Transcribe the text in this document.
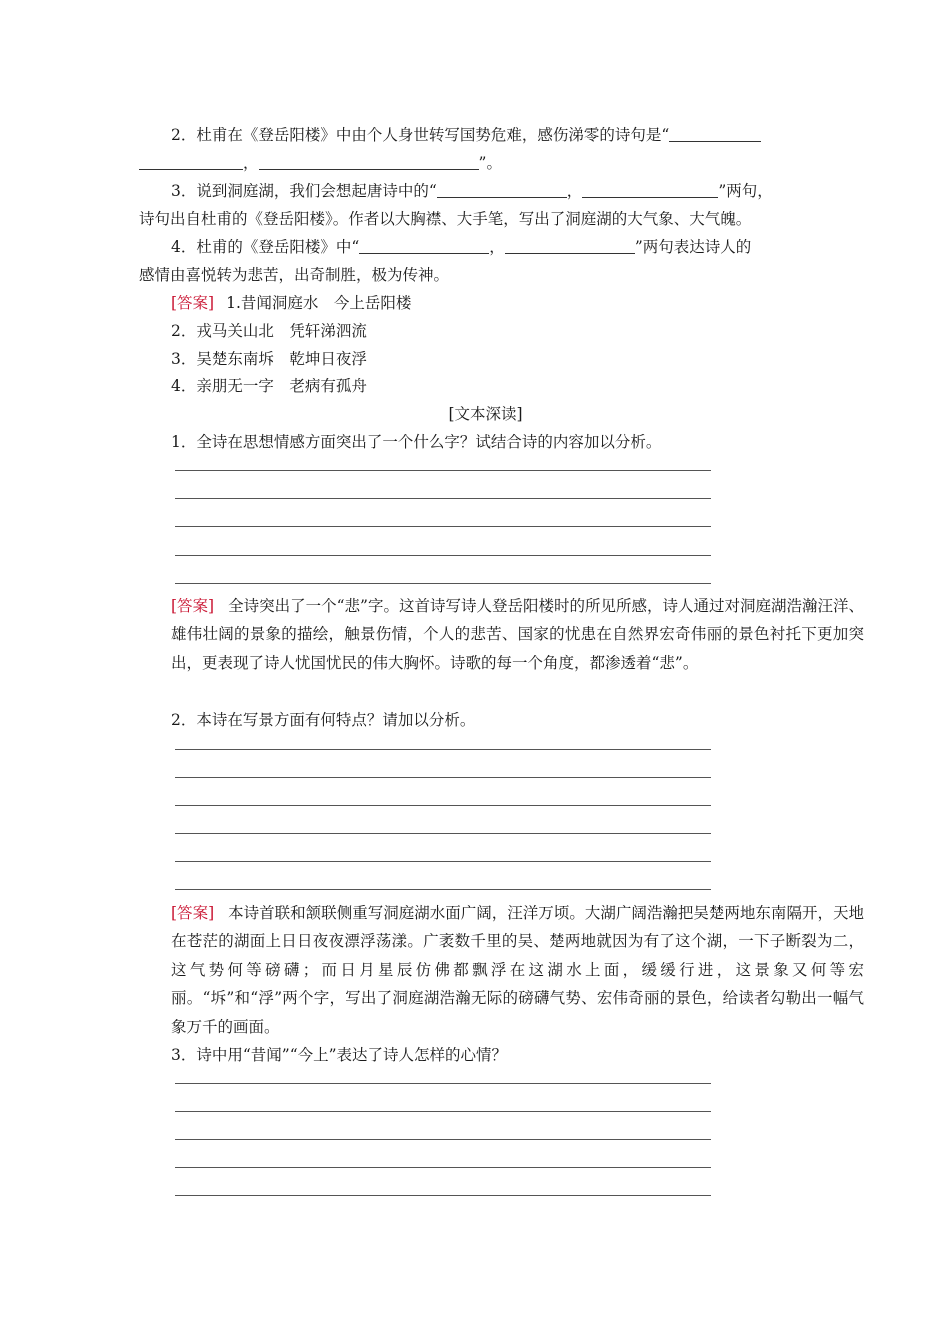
2．杜甫在《登岳阳楼》中由个人身世转写国势危难，感伤涕零的诗句是“
，	”。
3．说到洞庭湖，我们会想起唐诗中的“	，	”两句，
诗句出自杜甫的《登岳阳楼》。作者以大胸襟、大手笔，写出了洞庭湖的大气象、大气魄。
4．杜甫的《登岳阳楼》中“	，	”两句表达诗人的
感情由喜悦转为悲苦，出奇制胜，极为传神。
[答案] 1.昔闻洞庭水　今上岳阳楼
2．戎马关山北　凭轩涕泗流
3．吴楚东南坼　乾坤日夜浮
4．亲朋无一字　老病有孤舟
[文本深读]
1．全诗在思想情感方面突出了一个什么字？试结合诗的内容加以分析。
[答案] 全诗突出了一个“悲”字。这首诗写诗人登岳阳楼时的所见所感，诗人通过对洞庭湖浩瀚汪洋、雄伟壮阔的景象的描绘，触景伤情，个人的悲苦、国家的忧患在自然界宏奇伟丽的景色衬托下更加突出，更表现了诗人忧国忧民的伟大胸怀。诗歌的每一个角度，都渗透着“悲”。
2．本诗在写景方面有何特点？请加以分析。
[答案] 本诗首联和颔联侧重写洞庭湖水面广阔，汪洋万顷。大湖广阔浩瀚把吴楚两地东南隔开，天地在苍茫的湖面上日日夜夜漂浮荡漾。广袤数千里的吴、楚两地就因为有了这个湖，一下子断裂为二，这气势何等磅礴；而日月星辰仿佛都飘浮在这湖水上面，缓缓行进，这景象又何等宏丽。“坼”和“浮”两个字，写出了洞庭湖浩瀚无际的磅礴气势、宏伟奇丽的景色，给读者勾勒出一幅气象万千的画面。
3．诗中用“昔闻”“今上”表达了诗人怎样的心情？
